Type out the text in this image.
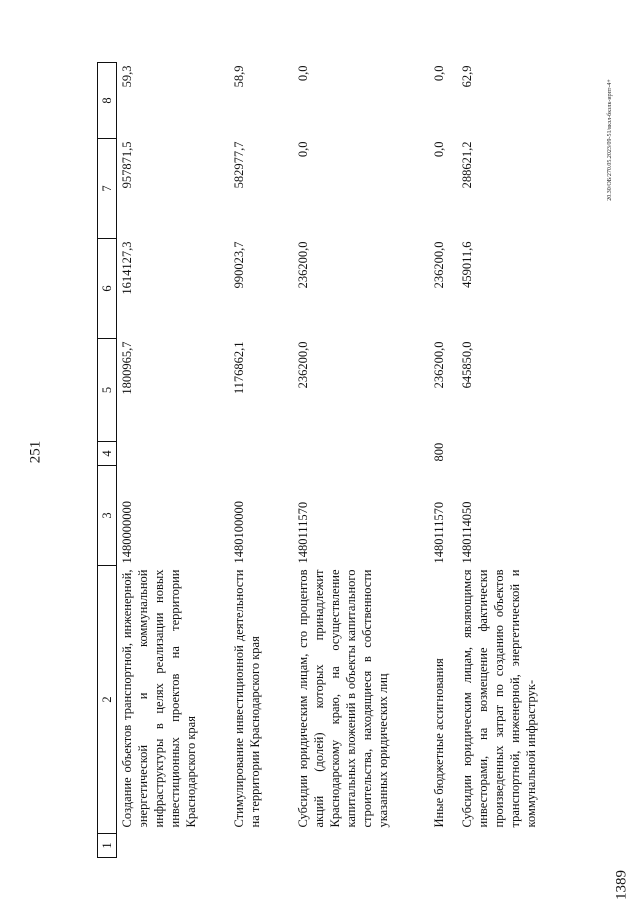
251
1389
20.30/ОБ/270.05.2023/09-51/вкзл-бкзлк-ирпт-4+
1	2	3	4	5	6	7	8
	Создание объектов транспортной, инженерной, энергетической и коммунальной инфраструктуры в целях реализации новых инвестиционных проектов на территории Краснодарского края	1480000000		1800965,7	1614127,3	957871,5	59,3
	Стимулирование инвестиционной деятельности на территории Краснодарского края	1480100000		1176862,1	990023,7	582977,7	58,9
	Субсидии юридическим лицам, сто процентов акций (долей) которых принадлежит Краснодарскому краю, на осуществление капитальных вложений в объекты капитального строительства, находящиеся в собственности указанных юридических лиц	1480111570		236200,0	236200,0	0,0	0,0
	Иные бюджетные ассигнования	1480111570	800	236200,0	236200,0	0,0	0,0
	Субсидии юридическим лицам, являющимся инвесторами, на возмещение фактически произведенных затрат по созданию объектов транспортной, инженерной, энергетической и коммунальной инфраструк-	1480114050		645850,0	459011,6	288621,2	62,9
